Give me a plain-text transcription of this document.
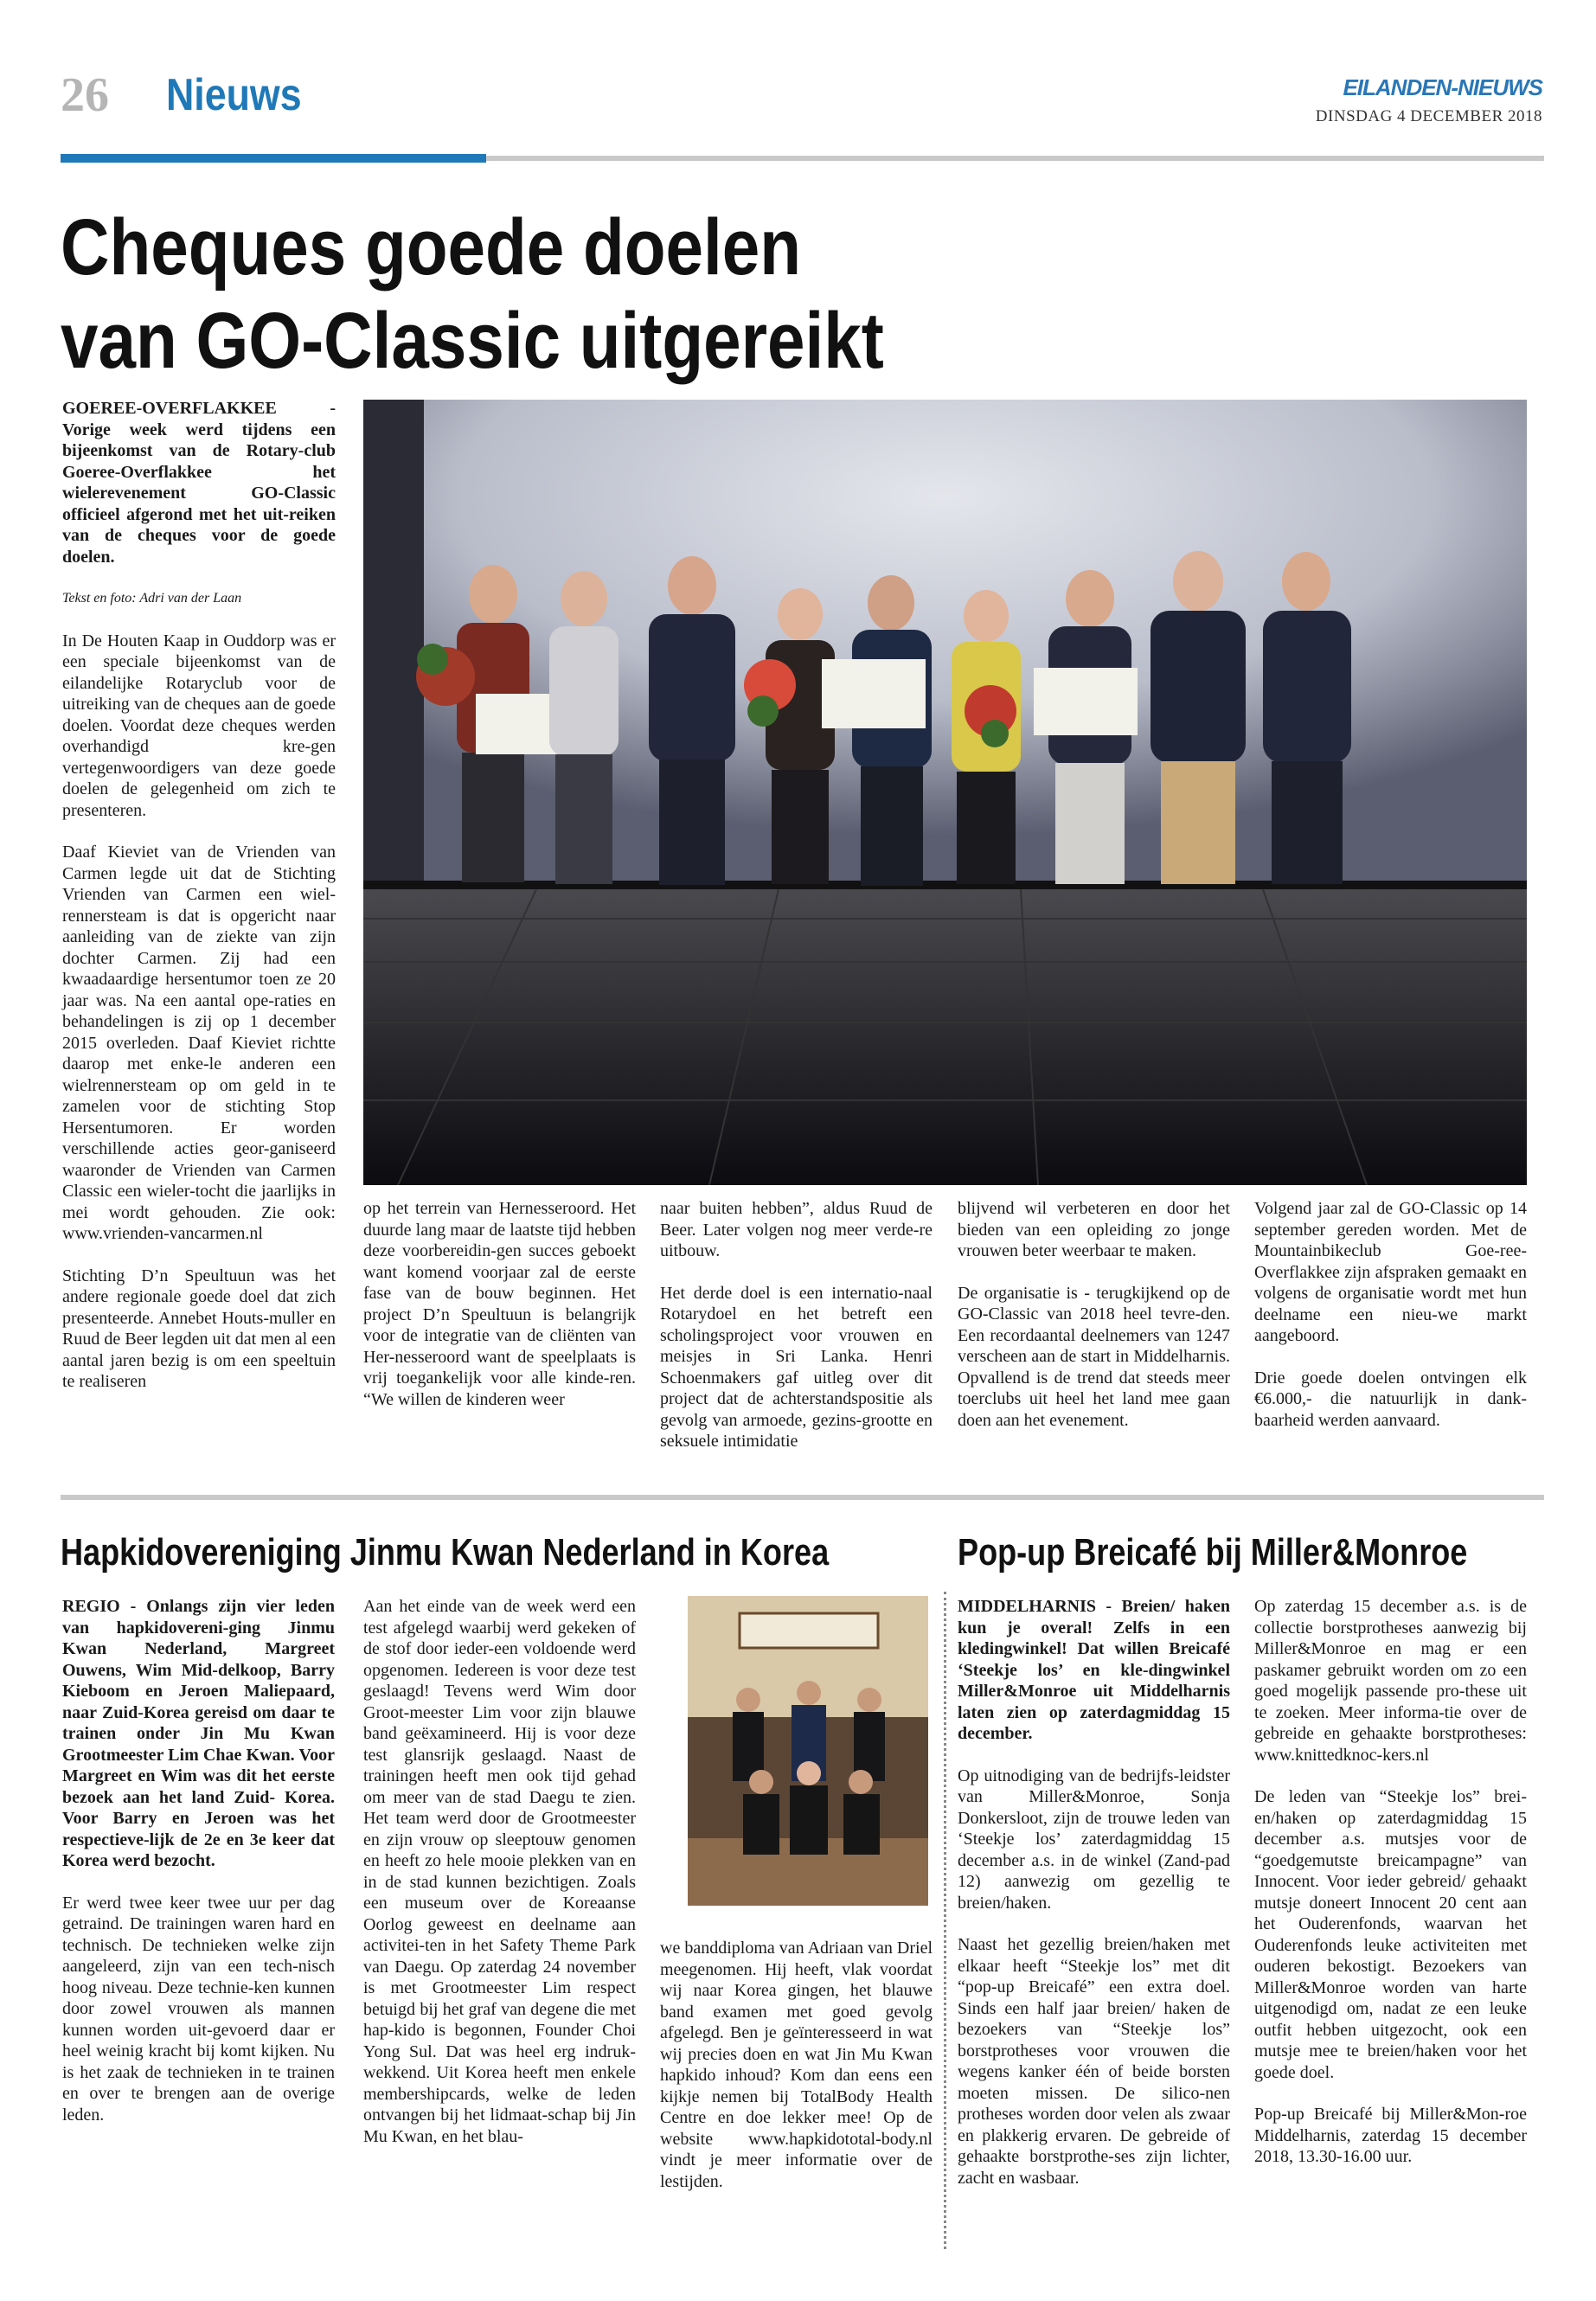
26 Nieuws	EILANDEN-NIEUWS
DINSDAG 4 DECEMBER 2018
Cheques goede doelen
van GO-Classic uitgereikt

GOEREE-OVERFLAKKEE - Vorige week werd tijdens een bijeenkomst van de Rotary-club Goeree-Overflakkee het wielerevenement GO-Classic officieel afgerond met het uit-reiken van de cheques voor de goede doelen.

Tekst en foto: Adri van der Laan

In De Houten Kaap in Ouddorp was er een speciale bijeenkomst van de eilandelijke Rotaryclub voor de uitreiking van de cheques aan de goede doelen. Voordat deze cheques werden overhandigd kre-gen vertegenwoordigers van deze goede doelen de gelegenheid om zich te presenteren.

Daaf Kieviet van de Vrienden van Carmen legde uit dat de Stichting Vrienden van Carmen een wiel-rennersteam is dat is opgericht naar aanleiding van de ziekte van zijn dochter Carmen. Zij had een kwaadaardige hersentumor toen ze 20 jaar was. Na een aantal ope-raties en behandelingen is zij op 1 december 2015 overleden. Daaf Kieviet richtte daarop met enke-le anderen een wielrennersteam op om geld in te zamelen voor de stichting Stop Hersentumoren. Er worden verschillende acties geor-ganiseerd waaronder de Vrienden van Carmen Classic een wieler-tocht die jaarlijks in mei wordt gehouden. Zie ook: www.vrienden-vancarmen.nl

Stichting D’n Speultuun was het andere regionale goede doel dat zich presenteerde. Annebet Houts-muller en Ruud de Beer legden uit dat men al een aantal jaren bezig is om een speeltuin te realiseren

op het terrein van Hernesseroord. Het duurde lang maar de laatste tijd hebben deze voorbereidin-gen succes geboekt want komend voorjaar zal de eerste fase van de bouw beginnen. Het project D’n Speultuun is belangrijk voor de integratie van de cliënten van Her-nesseroord want de speelplaats is vrij toegankelijk voor alle kinde-ren. “We willen de kinderen weer

naar buiten hebben”, aldus Ruud de Beer. Later volgen nog meer verde-re uitbouw.

Het derde doel is een internatio-naal Rotarydoel en het betreft een scholingsproject voor vrouwen en meisjes in Sri Lanka. Henri Schoenmakers gaf uitleg over dit project dat de achterstandspositie als gevolg van armoede, gezins-grootte en seksuele intimidatie

blijvend wil verbeteren en door het bieden van een opleiding zo jonge vrouwen beter weerbaar te maken.

De organisatie is - terugkijkend op de GO-Classic van 2018 heel tevre-den. Een recordaantal deelnemers van 1247 verscheen aan de start in Middelharnis. Opvallend is de trend dat steeds meer toerclubs uit heel het land mee gaan doen aan het evenement.

Volgend jaar zal de GO-Classic op 14 september gereden worden. Met de Mountainbikeclub Goe-ree-Overflakkee zijn afspraken gemaakt en volgens de organisatie wordt met hun deelname een nieu-we markt aangeboord.

Drie goede doelen ontvingen elk €6.000,- die natuurlijk in dank-baarheid werden aanvaard.

Hapkidovereniging Jinmu Kwan Nederland in Korea

REGIO - Onlangs zijn vier leden van hapkidoverenі-ging Jinmu Kwan Nederland, Margreet Ouwens, Wim Mid-delkoop, Barry Kieboom en Jeroen Maliepaard, naar Zuid-Korea gereisd om daar te trainen onder Jin Mu Kwan Grootmeester Lim Chae Kwan. Voor Margreet en Wim was dit het eerste bezoek aan het land Zuid- Korea. Voor Barry en Jeroen was het respectieve-lijk de 2e en 3e keer dat Korea werd bezocht.

Er werd twee keer twee uur per dag getraind. De trainingen waren hard en technisch. De technieken welke zijn aangeleerd, zijn van een tech-nisch hoog niveau. Deze technie-ken kunnen door zowel vrouwen als mannen kunnen worden uit-gevoerd daar er heel weinig kracht bij komt kijken. Nu is het zaak de technieken in te trainen en over te brengen aan de overige leden.

Aan het einde van de week werd een test afgelegd waarbij werd gekeken of de stof door ieder-een voldoende werd opgenomen. Iedereen is voor deze test geslaagd! Tevens werd Wim door Groot-meester Lim voor zijn blauwe band geëxamineerd. Hij is voor deze test glansrijk geslaagd. Naast de trainingen heeft men ook tijd gehad om meer van de stad Daegu te zien. Het team werd door de Grootmeester en zijn vrouw op sleeptouw genomen en heeft zo hele mooie plekken van en in de stad kunnen bezichtigen. Zoals een museum over de Koreaanse Oorlog geweest en deelname aan activitei-ten in het Safety Theme Park van Daegu. Op zaterdag 24 november is met Grootmeester Lim respect betuigd bij het graf van degene die met hap-kido is begonnen, Founder Choi Yong Sul. Dat was heel erg indruk-wekkend. Uit Korea heeft men enkele membershipcards, welke de leden ontvangen bij het lidmaat-schap bij Jin Mu Kwan, en het blau-

we banddiploma van Adriaan van Driel meegenomen. Hij heeft, vlak voordat wij naar Korea gingen, het blauwe band examen met goed gevolg afgelegd. Ben je geïnteresseerd in wat wij precies doen en wat Jin Mu Kwan hapkido inhoud? Kom dan eens een kijkje nemen bij TotalBody Health Centre en doe lekker mee! Op de website www.hapkidototal-body.nl vindt je meer informatie over de lestijden.

Pop-up Breicafé bij Miller&Monroe

MIDDELHARNIS - Breien/ haken kun je overal! Zelfs in een kledingwinkel! Dat willen Breicafé ‘Steekje los’ en kle-dingwinkel Miller&Monroe uit Middelharnis laten zien op zaterdagmiddag 15 december.

Op uitnodiging van de bedrijfs-leidster van Miller&Monroe, Sonja Donkersloot, zijn de trouwe leden van ‘Steekje los’ zaterdagmiddag 15 december a.s. in de winkel (Zand-pad 12) aanwezig om gezellig te breien/haken.

Naast het gezellig breien/haken met elkaar heeft “Steekje los” met dit “pop-up Breicafé” een extra doel. Sinds een half jaar breien/ haken de bezoekers van “Steekje los” borstprotheses voor vrouwen die wegens kanker één of beide borsten moeten missen. De silico-nen protheses worden door velen als zwaar en plakkerig ervaren. De gebreide of gehaakte borstprothe-ses zijn lichter, zacht en wasbaar.

Op zaterdag 15 december a.s. is de collectie borstprotheses aanwezig bij Miller&Monroe en mag er een paskamer gebruikt worden om zo een goed mogelijk passende pro-these uit te zoeken. Meer informa-tie over de gebreide en gehaakte borstprotheses: www.knittedknoc-kers.nl

De leden van “Steekje los” brei-en/haken op zaterdagmiddag 15 december a.s. mutsjes voor de “goedgemutste breicampagne” van Innocent. Voor ieder gebreid/ gehaakt mutsje doneert Innocent 20 cent aan het Ouderenfonds, waarvan het Ouderenfonds leuke activiteiten met ouderen bekostigt. Bezoekers van Miller&Monroe worden van harte uitgenodigd om, nadat ze een leuke outfit hebben uitgezocht, ook een mutsje mee te breien/haken voor het goede doel.

Pop-up Breicafé bij Miller&Mon-roe Middelharnis, zaterdag 15 december 2018, 13.30-16.00 uur.
